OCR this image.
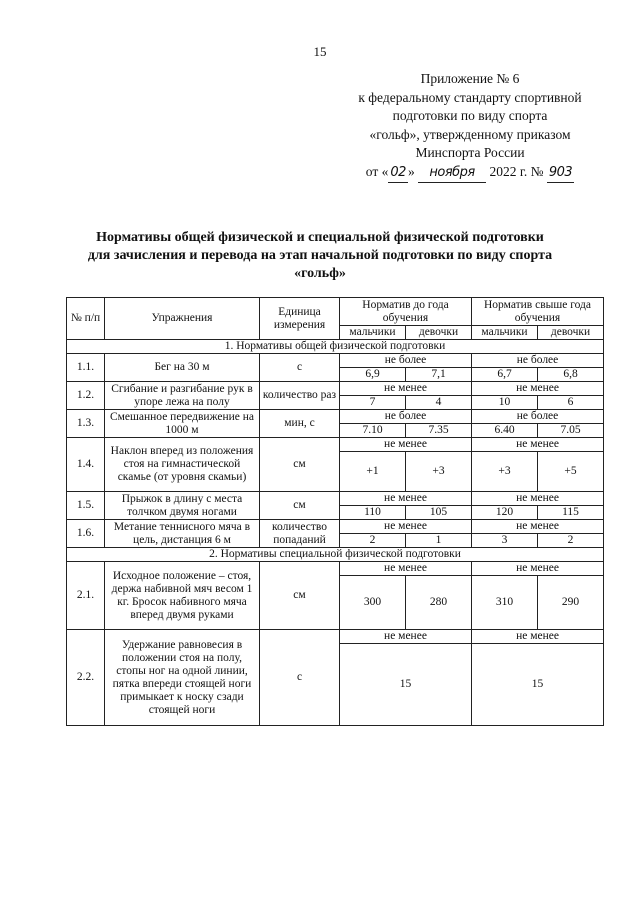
15
Приложение № 6
к федеральному стандарту спортивной
подготовки по виду спорта
«гольф», утвержденному приказом
Минспорта России
от « 02 » ноября 2022 г. № 903
Нормативы общей физической и специальной физической подготовки
для зачисления и перевода на этап начальной подготовки по виду спорта
«гольф»
№ п/п	Упражнения	Единица измерения	Норматив до года обучения		Норматив свыше года обучения	
			мальчики	девочки	мальчики	девочки
1. Нормативы общей физической подготовки						
1.1.	Бег на 30 м	с	не более		не более	
			6,9	7,1	6,7	6,8
1.2.	Сгибание и разгибание рук в упоре лежа на полу	количество раз	не менее		не менее	
			7	4	10	6
1.3.	Смешанное передвижение на 1000 м	мин, с	не более		не более	
			7.10	7.35	6.40	7.05
1.4.	Наклон вперед из положения стоя на гимнастической скамье (от уровня скамьи)	см	не менее		не менее	
			+1	+3	+3	+5
1.5.	Прыжок в длину с места толчком двумя ногами	см	не менее		не менее	
			110	105	120	115
1.6.	Метание теннисного мяча в цель, дистанция 6 м	количество попаданий	не менее		не менее	
			2	1	3	2
2. Нормативы специальной физической подготовки						
2.1.	Исходное положение – стоя, держа набивной мяч весом 1 кг. Бросок набивного мяча вперед двумя руками	см	не менее		не менее	
			300	280	310	290
2.2.	Удержание равновесия в положении стоя на полу, стопы ног на одной линии, пятка впереди стоящей ноги примыкает к носку сзади стоящей ноги	с	не менее		не менее	
			15		15	
